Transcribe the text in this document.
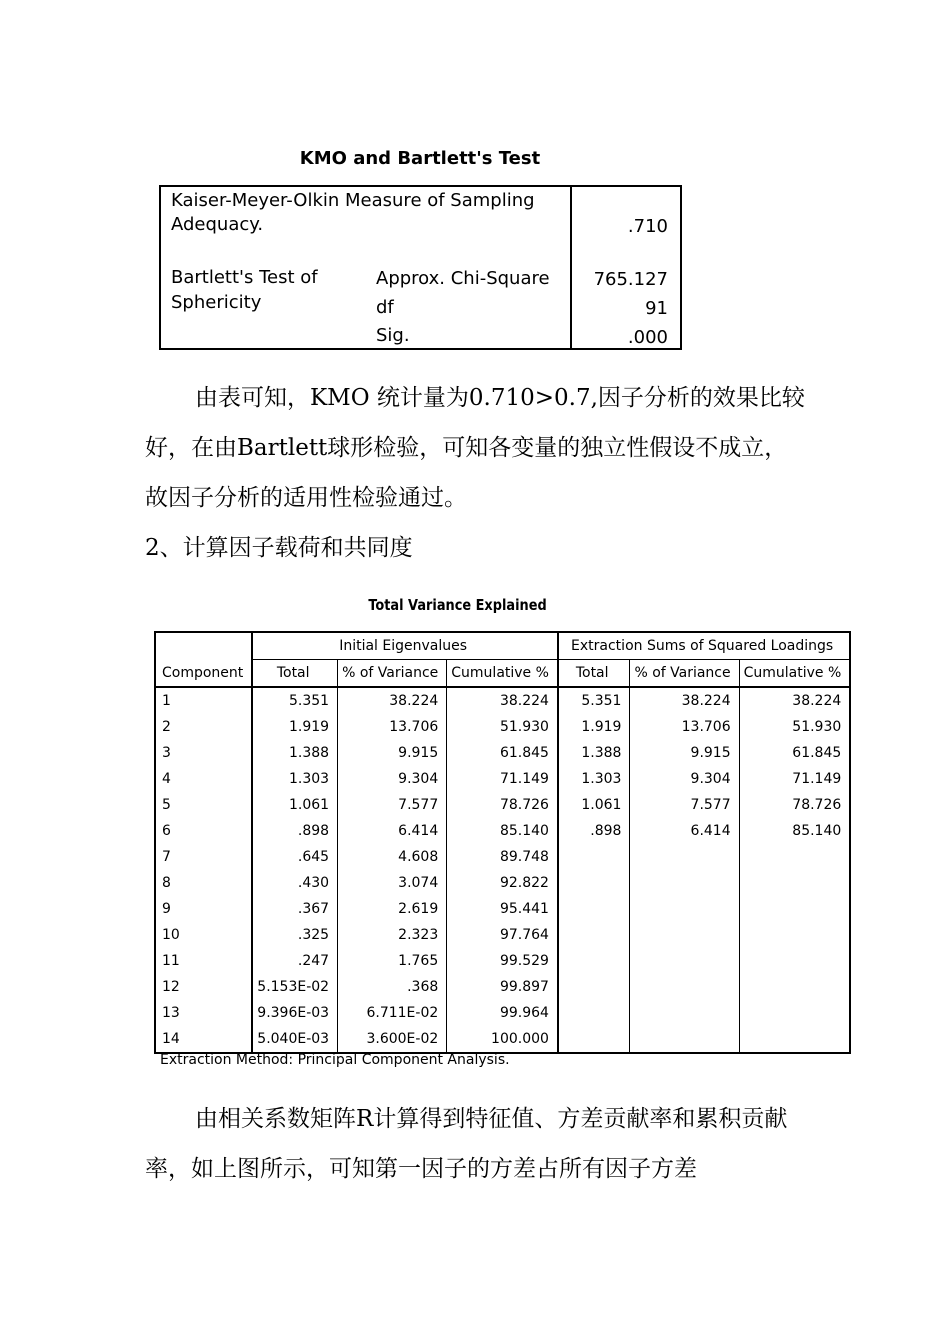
KMO and Bartlett's Test
Kaiser-Meyer-Olkin Measure of Sampling
Adequacy.	.710
Bartlett's Test of
Sphericity
Approx. Chi-Square 765.127
df	91
Sig.	.000

由表可知，KMO 统计量为0.710>0.7,因子分析的效果比较好，在由Bartlett球形检验，可知各变量的独立性假设不成立，故因子分析的适用性检验通过。

2、计算因子载荷和共同度

Total Variance Explained
	Initial Eigenvalues			Extraction Sums of Squared Loadings		
Component	Total	% of Variance	Cumulative %	Total	% of Variance	Cumulative %
1	5.351	38.224	38.224	5.351	38.224	38.224
2	1.919	13.706	51.930	1.919	13.706	51.930
3	1.388	9.915	61.845	1.388	9.915	61.845
4	1.303	9.304	71.149	1.303	9.304	71.149
5	1.061	7.577	78.726	1.061	7.577	78.726
6	.898	6.414	85.140	.898	6.414	85.140
7	.645	4.608	89.748			
8	.430	3.074	92.822			
9	.367	2.619	95.441			
10	.325	2.323	97.764			
11	.247	1.765	99.529			
12	5.153E-02	.368	99.897			
13	9.396E-03	6.711E-02	99.964			
14	5.040E-03	3.600E-02	100.000			
Extraction Method: Principal Component Analysis.

由相关系数矩阵R计算得到特征值、方差贡献率和累积贡献率，如上图所示，可知第一因子的方差占所有因子方差
